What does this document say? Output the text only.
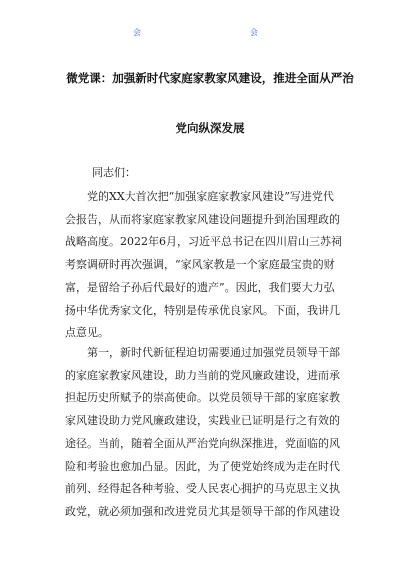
会	会
微党课：加强新时代家庭家教家风建设，推进全面从严治
党向纵深发展

同志们：

党的XX大首次把“加强家庭家教家风建设”写进党代
会报告，从而将家庭家教家风建设问题提升到治国理政的
战略高度。2022年6月，习近平总书记在四川眉山三苏祠
考察调研时再次强调，“家风家教是一个家庭最宝贵的财
富，是留给子孙后代最好的遗产”。因此，我们要大力弘
扬中华优秀家文化，特别是传承优良家风。下面，我讲几
点意见。

第一，新时代新征程迫切需要通过加强党员领导干部
的家庭家教家风建设，助力当前的党风廉政建设，进而承
担起历史所赋予的崇高使命。以党员领导干部的家庭家教
家风建设助力党风廉政建设，实践业已证明是行之有效的
途径。当前，随着全面从严治党向纵深推进，党面临的风
险和考验也愈加凸显。因此，为了使党始终成为走在时代
前列、经得起各种考验、受人民衷心拥护的马克思主义执
政党，就必须加强和改进党员尤其是领导干部的作风建设
